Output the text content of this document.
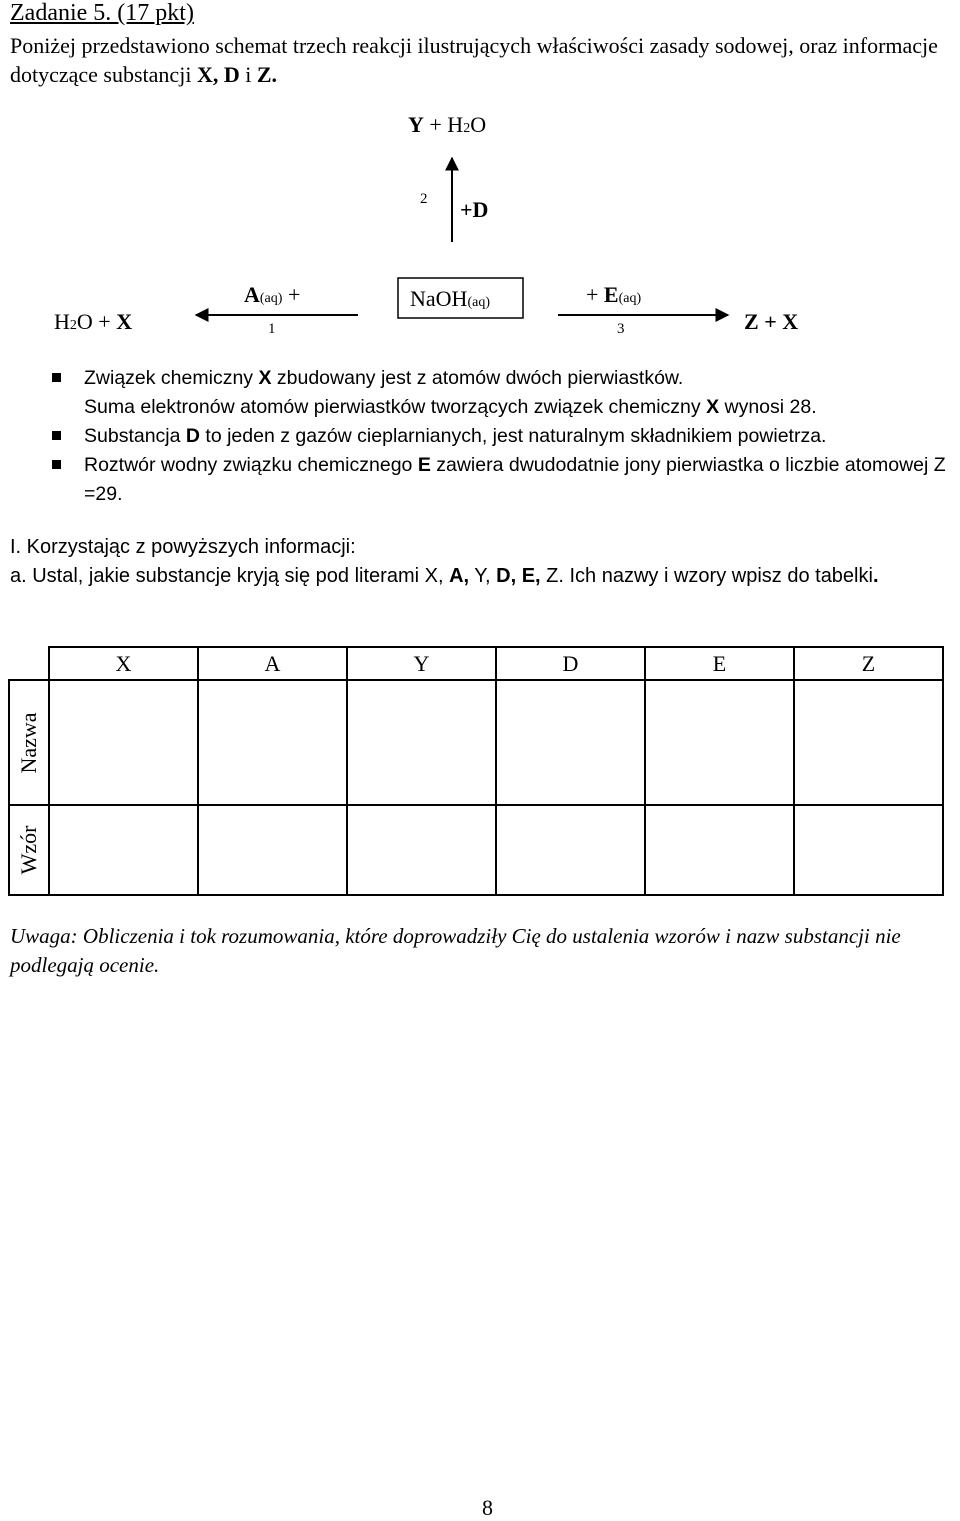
Zadanie 5. (17 pkt)
Poniżej przedstawiono schemat trzech reakcji ilustrujących właściwości zasady sodowej, oraz informacje dotyczące substancji X, D i Z.
Y + H2O
2 +D
H2O + X
A(aq) +
1
NaOH(aq)	+ E(aq)
3	Z + X
Związek chemiczny X zbudowany jest z atomów dwóch pierwiastków.
Suma elektronów atomów pierwiastków tworzących związek chemiczny X wynosi 28.
Substancja D to jeden z gazów cieplarnianych, jest naturalnym składnikiem powietrza.
Roztwór wodny związku chemicznego E zawiera dwudodatnie jony pierwiastka o liczbie atomowej Z =29.
I. Korzystając z powyższych informacji:
a. Ustal, jakie substancje kryją się pod literami X, A, Y, D, E, Z. Ich nazwy i wzory wpisz do tabelki.
	X	A	Y	D	E	Z

Nazwa						

Wzór						

Uwaga: Obliczenia i tok rozumowania, które doprowadziły Cię do ustalenia wzorów i nazw substancji nie podlegają ocenie.
8
